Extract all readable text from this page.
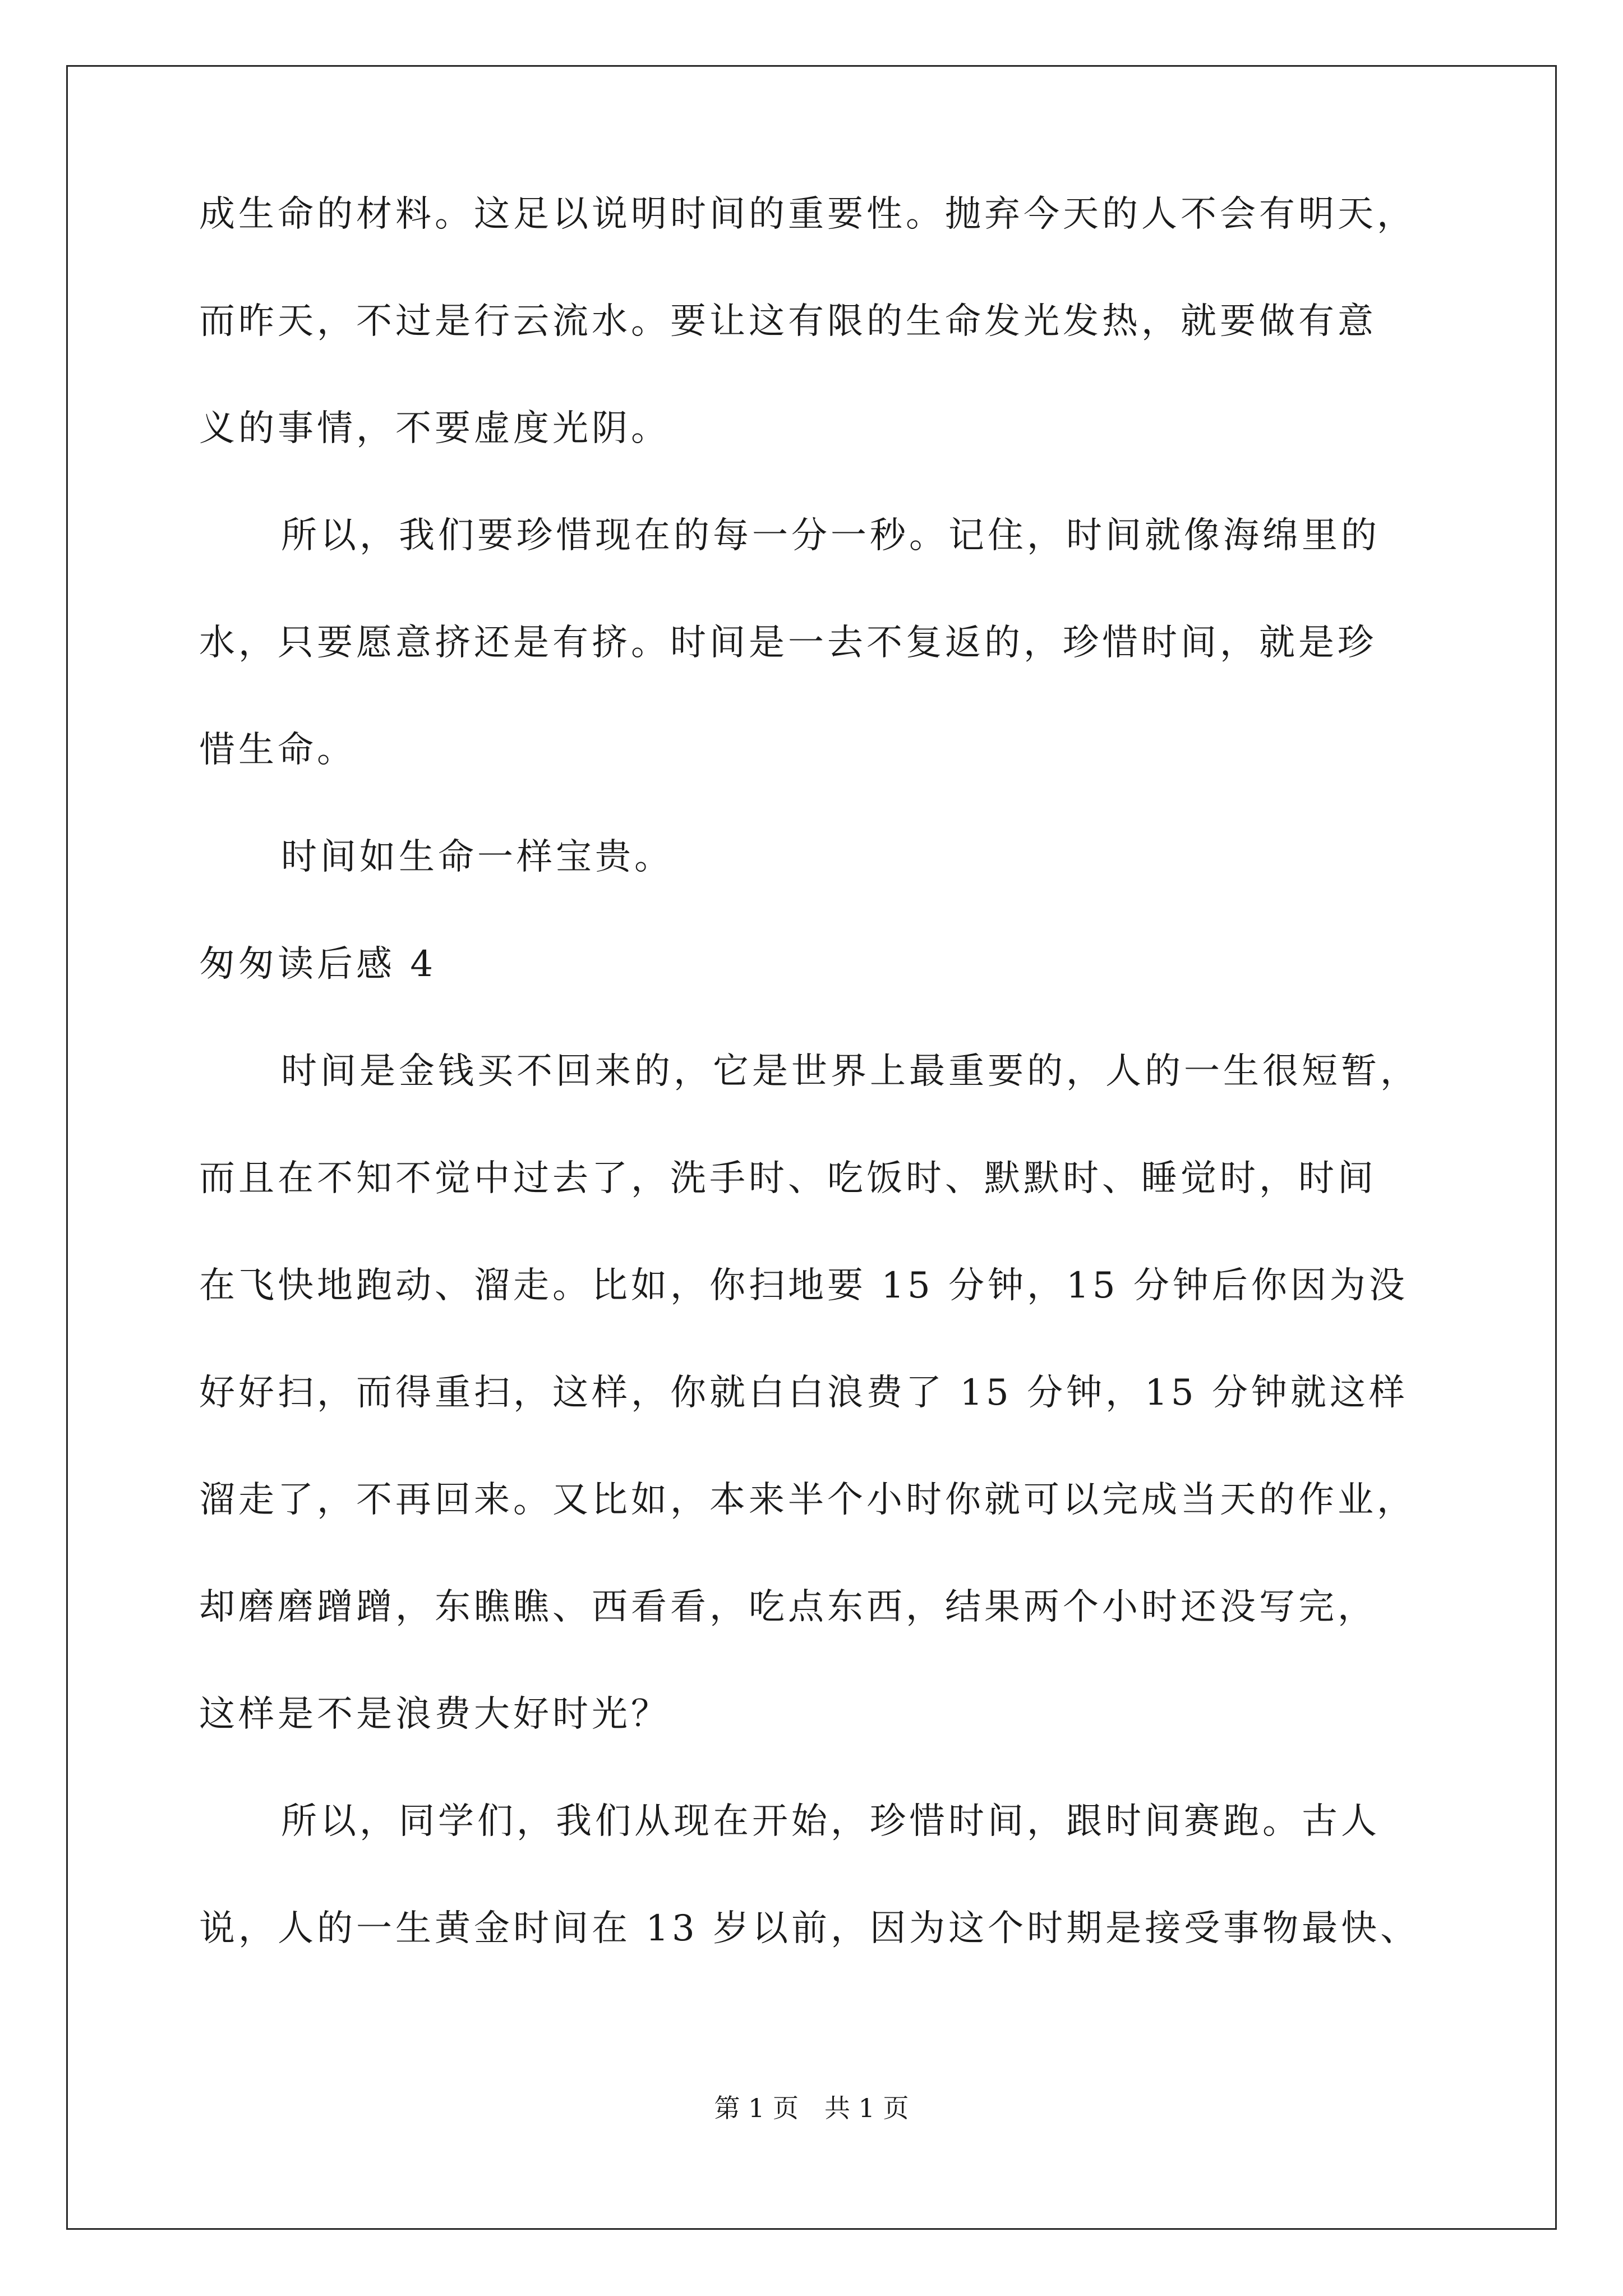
成生命的材料。这足以说明时间的重要性。抛弃今天的人不会有明天，
而昨天，不过是行云流水。要让这有限的生命发光发热，就要做有意
义的事情，不要虚度光阴。
所以，我们要珍惜现在的每一分一秒。记住，时间就像海绵里的
水，只要愿意挤还是有挤。时间是一去不复返的，珍惜时间，就是珍
惜生命。
时间如生命一样宝贵。
匆匆读后感 4
时间是金钱买不回来的，它是世界上最重要的，人的一生很短暂，
而且在不知不觉中过去了，洗手时、吃饭时、默默时、睡觉时，时间
在飞快地跑动、溜走。比如，你扫地要 15 分钟，15 分钟后你因为没
好好扫，而得重扫，这样，你就白白浪费了 15 分钟，15 分钟就这样
溜走了，不再回来。又比如，本来半个小时你就可以完成当天的作业，
却磨磨蹭蹭，东瞧瞧、西看看，吃点东西，结果两个小时还没写完，
这样是不是浪费大好时光？
所以，同学们，我们从现在开始，珍惜时间，跟时间赛跑。古人
说，人的一生黄金时间在 13 岁以前，因为这个时期是接受事物最快、
第 1 页　共 1 页
